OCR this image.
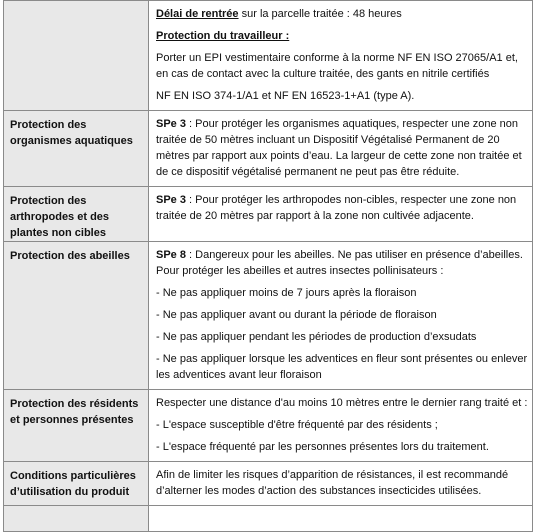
	Délai de rentrée sur la parcelle traitée : 48 heures
Protection du travailleur :
Porter un EPI vestimentaire conforme à la norme NF EN ISO 27065/A1 et, en cas de contact avec la culture traitée, des gants en nitrile certifiés
NF EN ISO 374-1/A1 et NF EN 16523-1+A1 (type A).

Protection des organismes aquatiques	SPe 3 : Pour protéger les organismes aquatiques, respecter une zone non traitée de 50 mètres incluant un Dispositif Végétalisé Permanent de 20 mètres par rapport aux points d’eau. La largeur de cette zone non traitée et de ce dispositif végétalisé permanent ne peut pas être réduite.

Protection des arthropodes et des plantes non cibles	SPe 3 : Pour protéger les arthropodes non-cibles, respecter une zone non traitée de 20 mètres par rapport à la zone non cultivée adjacente.

Protection des abeilles	SPe 8 : Dangereux pour les abeilles. Ne pas utiliser en présence d’abeilles. Pour protéger les abeilles et autres insectes pollinisateurs :
- Ne pas appliquer moins de 7 jours après la floraison
- Ne pas appliquer avant ou durant la période de floraison
- Ne pas appliquer pendant les périodes de production d’exsudats
- Ne pas appliquer lorsque les adventices en fleur sont présentes ou enlever les adventices avant leur floraison

Protection des résidents et personnes présentes	Respecter une distance d'au moins 10 mètres entre le dernier rang traité et :
- L'espace susceptible d'être fréquenté par des résidents ;
- L'espace fréquenté par les personnes présentes lors du traitement.

Conditions particulières d’utilisation du produit	Afin de limiter les risques d’apparition de résistances, il est recommandé d’alterner les modes d’action des substances insecticides utilisées.
